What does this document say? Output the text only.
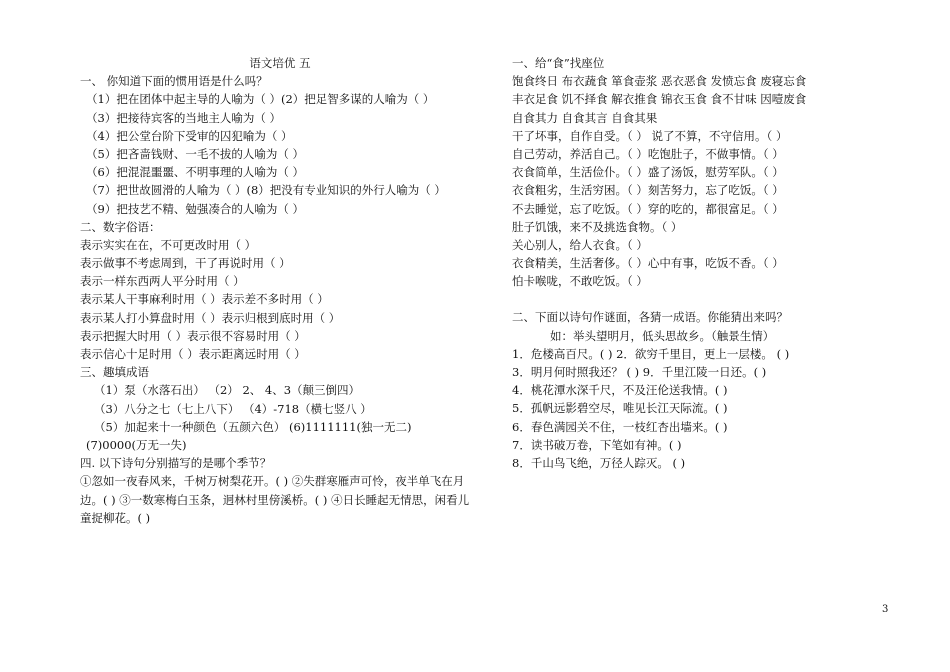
语文培优 五
一、 你知道下面的惯用语是什么吗？
（1）把在团体中起主导的人喻为（ ）(2）把足智多谋的人喻为（ ）
（3）把接待宾客的当地主人喻为（ ）
（4）把公堂台阶下受审的囚犯喻为（ ）
（5）把吝啬钱财、一毛不拔的人喻为（ ）
（6）把混混噩噩、不明事理的人喻为（ ）
（7）把世故圆滑的人喻为（ ）(8）把没有专业知识的外行人喻为（ ）
（9）把技艺不精、勉强凑合的人喻为（ ）
二、数字俗语：
表示实实在在，不可更改时用（ ）
表示做事不考虑周到，干了再说时用（ ）
表示一样东西两人平分时用（ ）
表示某人干事麻利时用（ ）表示差不多时用（ ）
表示某人打小算盘时用（ ）表示归根到底时用（ ）
表示把握大时用（ ）表示很不容易时用（ ）
表示信心十足时用（ ）表示距离远时用（ ）
三、趣填成语
（1）泵（水落石出） （2） 2、 4、3（颠三倒四）
（3）八分之七（七上八下） （4）-718（横七竖八 ）
（5）加起来十一种颜色（五颜六色） (6)1111111(独一无二)
(7)0000(万无一失)
四. 以下诗句分别描写的是哪个季节？
①忽如一夜春风来，千树万树梨花开。( ) ②失群寒雁声可怜，夜半单飞在月边。( ) ③一数寒梅白玉条，迥林村里傍溪桥。( ) ④日长睡起无情思，闲看儿童捉柳花。( )
一、给“食”找座位
饱食终日 布衣蔬食 箪食壶浆 恶衣恶食 发愤忘食 废寝忘食
丰衣足食 饥不择食 解衣推食 锦衣玉食 食不甘味 因噎废食
自食其力 自食其言 自食其果
干了坏事，自作自受。（ ） 说了不算，不守信用。（ ）
自己劳动，养活自己。（ ）吃饱肚子，不做事情。（ ）
衣食简单，生活俭仆。（ ）盛了汤饭，慰劳军队。（ ）
衣食粗劣，生活穷困。（ ）刻苦努力，忘了吃饭。（ ）
不去睡觉，忘了吃饭。（ ）穿的吃的，都很富足。（ ）
肚子饥饿，来不及挑选食物。（ ）
关心别人，给人衣食。（ ）
衣食精美，生活奢侈。（ ）心中有事，吃饭不香。（ ）
怕卡喉咙，不敢吃饭。（ ）
二、下面以诗句作谜面，各猜一成语。你能猜出来吗？
如：举头望明月，低头思故乡。（触景生情）
1．危楼高百尺。( ) 2．欲穷千里目，更上一层楼。 ( )
3．明月何时照我还？ ( ) 9．千里江陵一日还。( )
4．桃花潭水深千尺，不及汪伦送我情。( )
5．孤帆远影碧空尽，唯见长江天际流。( )
6．春色满园关不住，一枝红杏出墙来。( )
7．读书破万卷，下笔如有神。( )
8．千山鸟飞绝，万径人踪灭。 ( )
3
